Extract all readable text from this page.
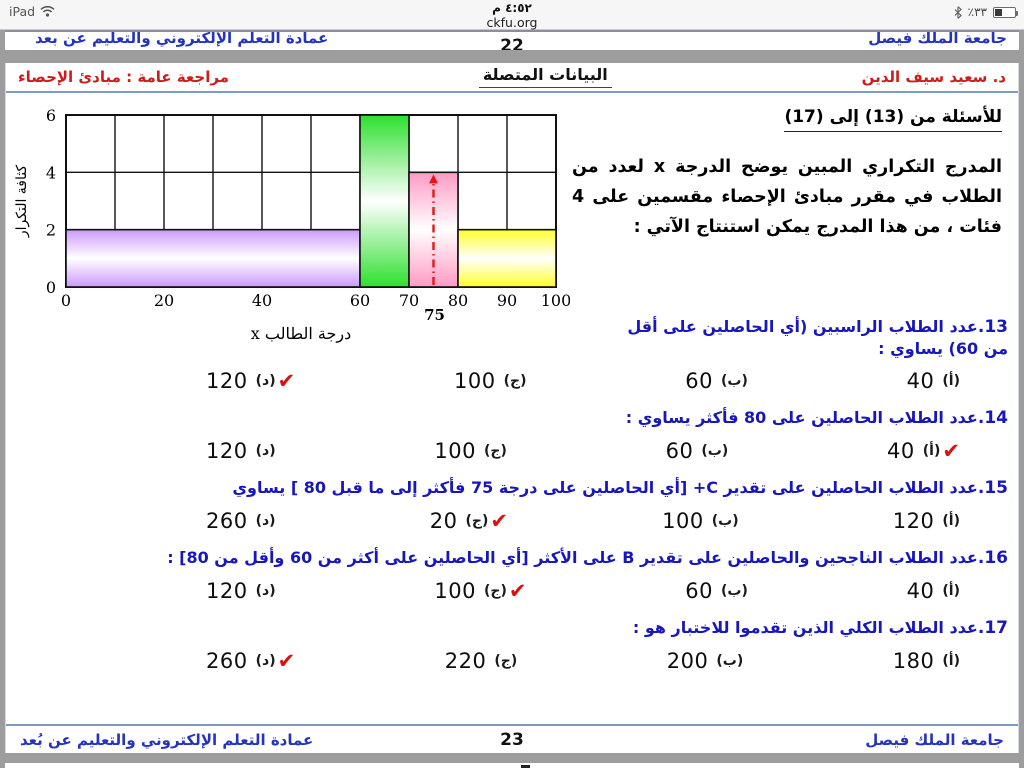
iPad	٤:٥٢ م
ckfu.org
٪٣٣
عمادة التعلم الإلكتروني والتعليم عن بعد	جامعة الملك فيصل
22
د. سعيد سيف الدين
البيانات المتصلة
مراجعة عامة : مبادئ الإحصاء
0	20	40	60 70 80 90 100
75
0
2
4
6
درجة الطالب x
كثافة التكرار
للأسئلة من (13) إلى (17)
المدرج التكراري المبين يوضح الدرجة x لعدد من الطلاب في مقرر مبادئ الإحصاء مقسمين على 4 فئات ، من هذا المدرج يمكن استنتاج الآتي :
13.عدد الطلاب الراسبين (أي الحاصلين على أقل من 60) يساوي :
(أ)
40
(ب)
60
(ج)
100
✔
(د)
120
14.عدد الطلاب الحاصلين على 80 فأكثر يساوي :
✔
(أ)
40
(ب)
60
(ج)
100
(د)
120
15.عدد الطلاب الحاصلين على تقدير C+ [أي الحاصلين على درجة 75 فأكثر إلى ما قبل 80 ] يساوي
(أ)
120
(ب)
100
✔
(ج)
20
(د)
260
16.عدد الطلاب الناجحين والحاصلين على تقدير B على الأكثر [أي الحاصلين على أكثر من 60 وأقل من 80] :
(أ)
40
(ب)
60
✔
(ج)
100
(د)
120
17.عدد الطلاب الكلي الذين تقدموا للاختبار هو :
(أ)
180
(ب)
200
(ج)
220
✔
(د)
260
عمادة التعلم الإلكتروني والتعليم عن بُعد	23	جامعة الملك فيصل
